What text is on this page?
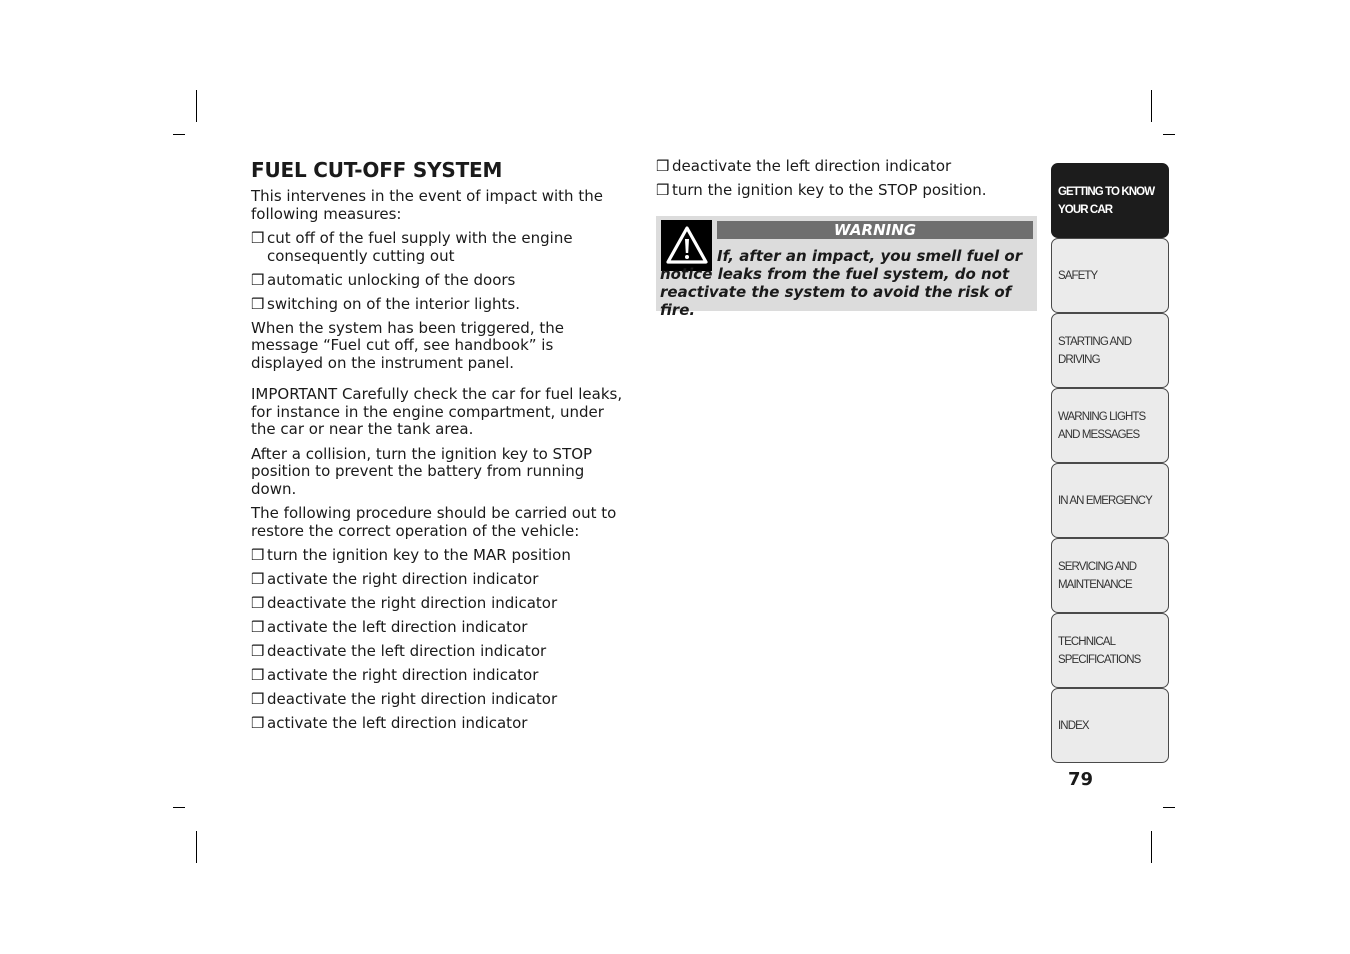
FUEL CUT-OFF SYSTEM

This intervenes in the event of impact with the following measures:

❒ cut off of the fuel supply with the engine consequently cutting out
❒ automatic unlocking of the doors
❒ switching on of the interior lights.

When the system has been triggered, the message “Fuel cut off, see handbook” is displayed on the instrument panel.

IMPORTANT Carefully check the car for fuel leaks, for instance in the engine compartment, under the car or near the tank area.

After a collision, turn the ignition key to STOP position to prevent the battery from running down.

The following procedure should be carried out to restore the correct operation of the vehicle:

❒ turn the ignition key to the MAR position
❒ activate the right direction indicator
❒ deactivate the right direction indicator
❒ activate the left direction indicator
❒ deactivate the left direction indicator
❒ activate the right direction indicator
❒ deactivate the right direction indicator
❒ activate the left direction indicator
❒ deactivate the left direction indicator
❒ turn the ignition key to the STOP position.
WARNING
If, after an impact, you smell fuel or notice leaks from the fuel system, do not reactivate the system to avoid the risk of fire.
GETTING TO KNOW YOUR CAR
SAFETY
STARTING AND DRIVING
WARNING LIGHTS AND MESSAGES
IN AN EMERGENCY
SERVICING AND MAINTENANCE
TECHNICAL SPECIFICATIONS
INDEX
79
